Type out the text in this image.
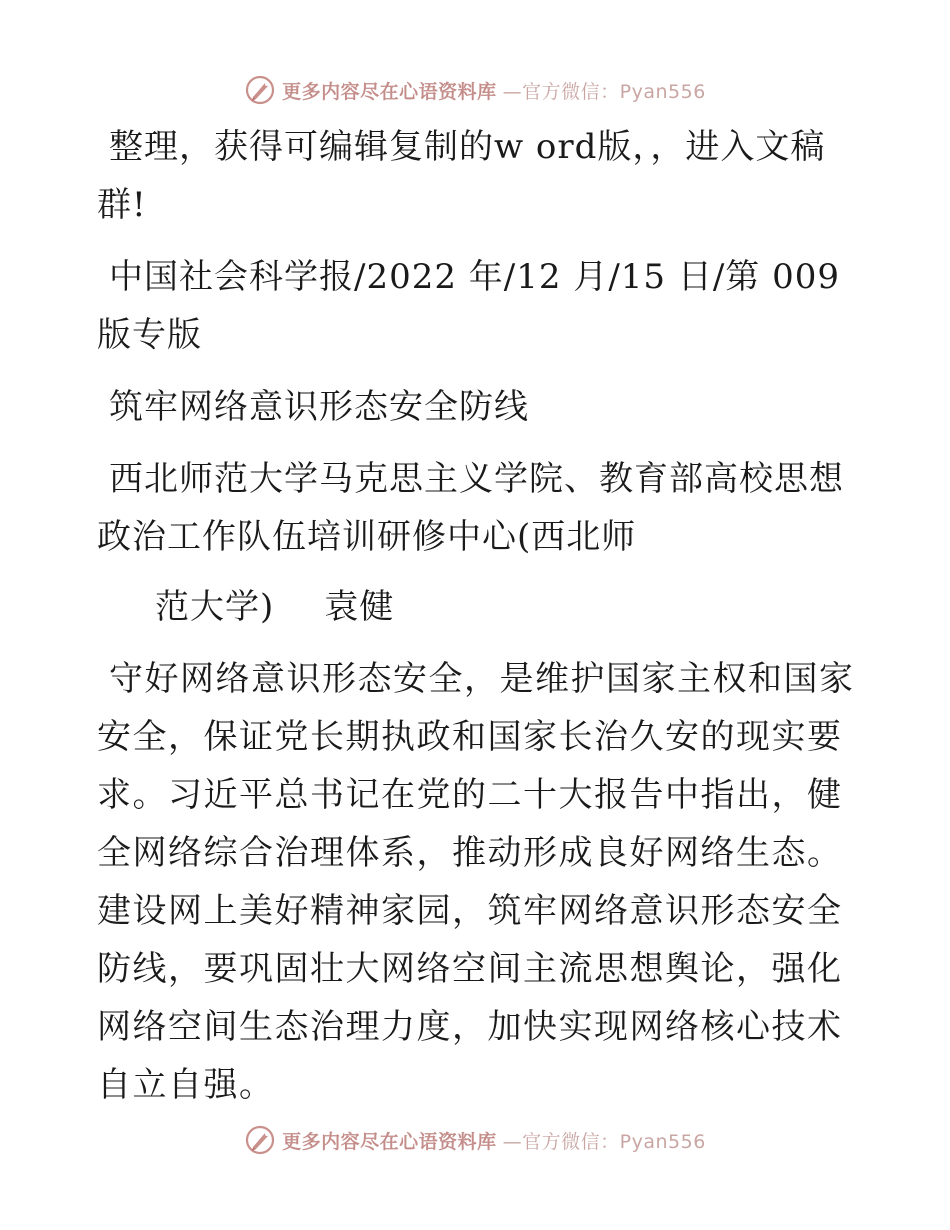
更多内容尽在心语资料库 —官方微信：Pyan556

整理，获得可编辑复制的w ord版，，进入文稿群!

中国社会科学报/2022 年/12 月/15 日/第 009 版专版

筑牢网络意识形态安全防线

西北师范大学马克思主义学院、教育部高校思想政治工作队伍培训研修中心(西北师

范大学) 袁健

守好网络意识形态安全，是维护国家主权和国家安全，保证党长期执政和国家长治久安的现实要求。习近平总书记在党的二十大报告中指出，健全网络综合治理体系，推动形成良好网络生态。建设网上美好精神家园，筑牢网络意识形态安全防线，要巩固壮大网络空间主流思想舆论，强化网络空间生态治理力度，加快实现网络核心技术自立自强。

更多内容尽在心语资料库 —官方微信：Pyan556
